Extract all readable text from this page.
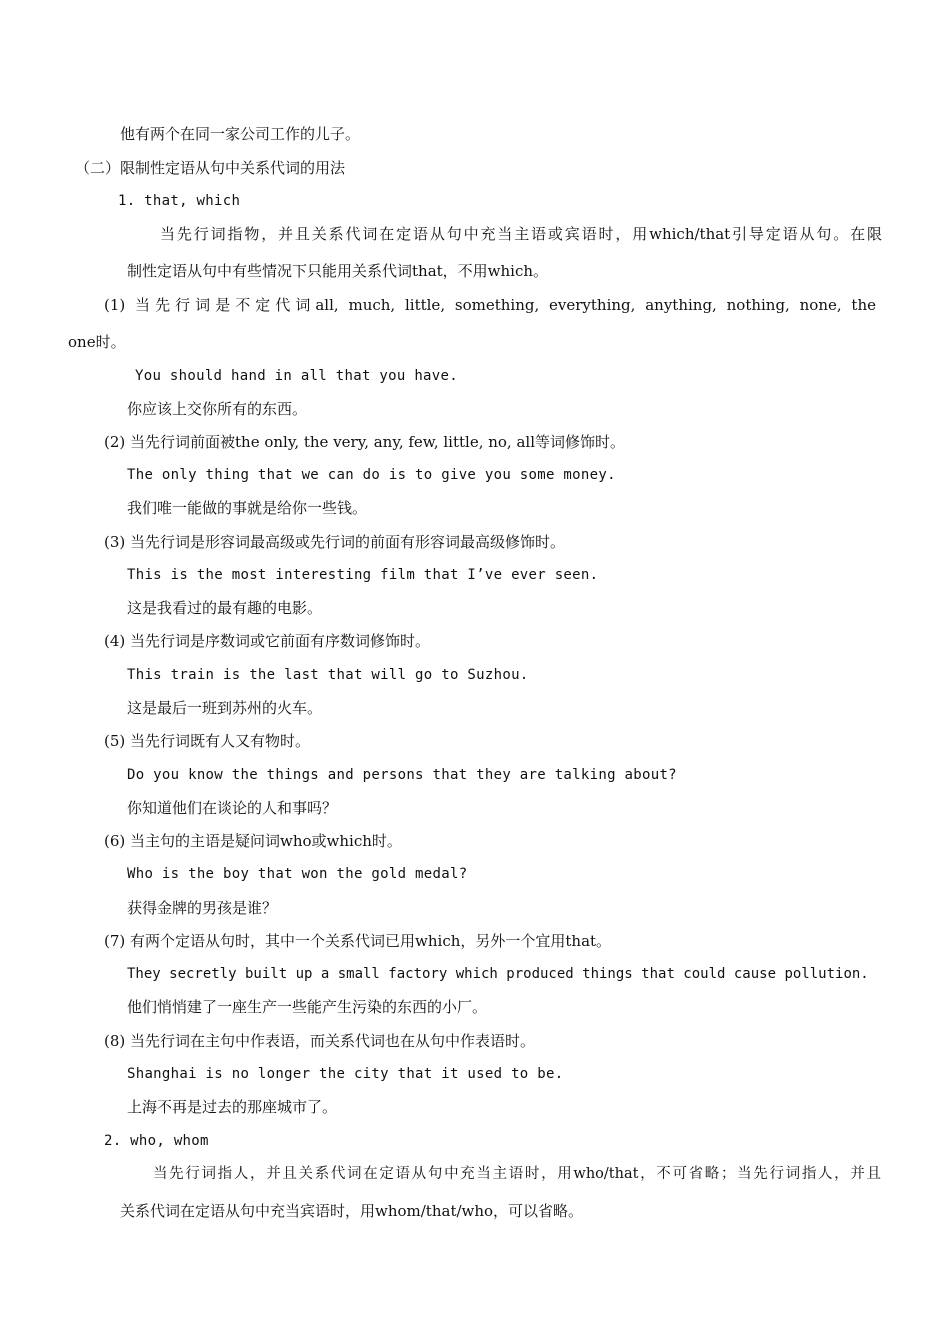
他有两个在同一家公司工作的儿子。
（二）限制性定语从句中关系代词的用法
1. that, which
当先行词指物，并且关系代词在定语从句中充当主语或宾语时，用which/that引导定语从句。在限
制性定语从句中有些情况下只能用关系代词that，不用which。
(1) 当先行词是不定代词all, much, little, something, everything, anything, nothing, none, the
one时。
You should hand in all that you have.
你应该上交你所有的东西。
(2) 当先行词前面被the only, the very, any, few, little, no, all等词修饰时。
The only thing that we can do is to give you some money.
我们唯一能做的事就是给你一些钱。
(3) 当先行词是形容词最高级或先行词的前面有形容词最高级修饰时。
This is the most interesting film that I’ve ever seen.
这是我看过的最有趣的电影。
(4) 当先行词是序数词或它前面有序数词修饰时。
This train is the last that will go to Suzhou.
这是最后一班到苏州的火车。
(5) 当先行词既有人又有物时。
Do you know the things and persons that they are talking about?
你知道他们在谈论的人和事吗？
(6) 当主句的主语是疑问词who或which时。
Who is the boy that won the gold medal?
获得金牌的男孩是谁？
(7) 有两个定语从句时，其中一个关系代词已用which，另外一个宜用that。
They secretly built up a small factory which produced things that could cause pollution.
他们悄悄建了一座生产一些能产生污染的东西的小厂。
(8) 当先行词在主句中作表语，而关系代词也在从句中作表语时。
Shanghai is no longer the city that it used to be.
上海不再是过去的那座城市了。
2. who, whom
当先行词指人，并且关系代词在定语从句中充当主语时，用who/that，不可省略；当先行词指人，并且
关系代词在定语从句中充当宾语时，用whom/that/who，可以省略。
